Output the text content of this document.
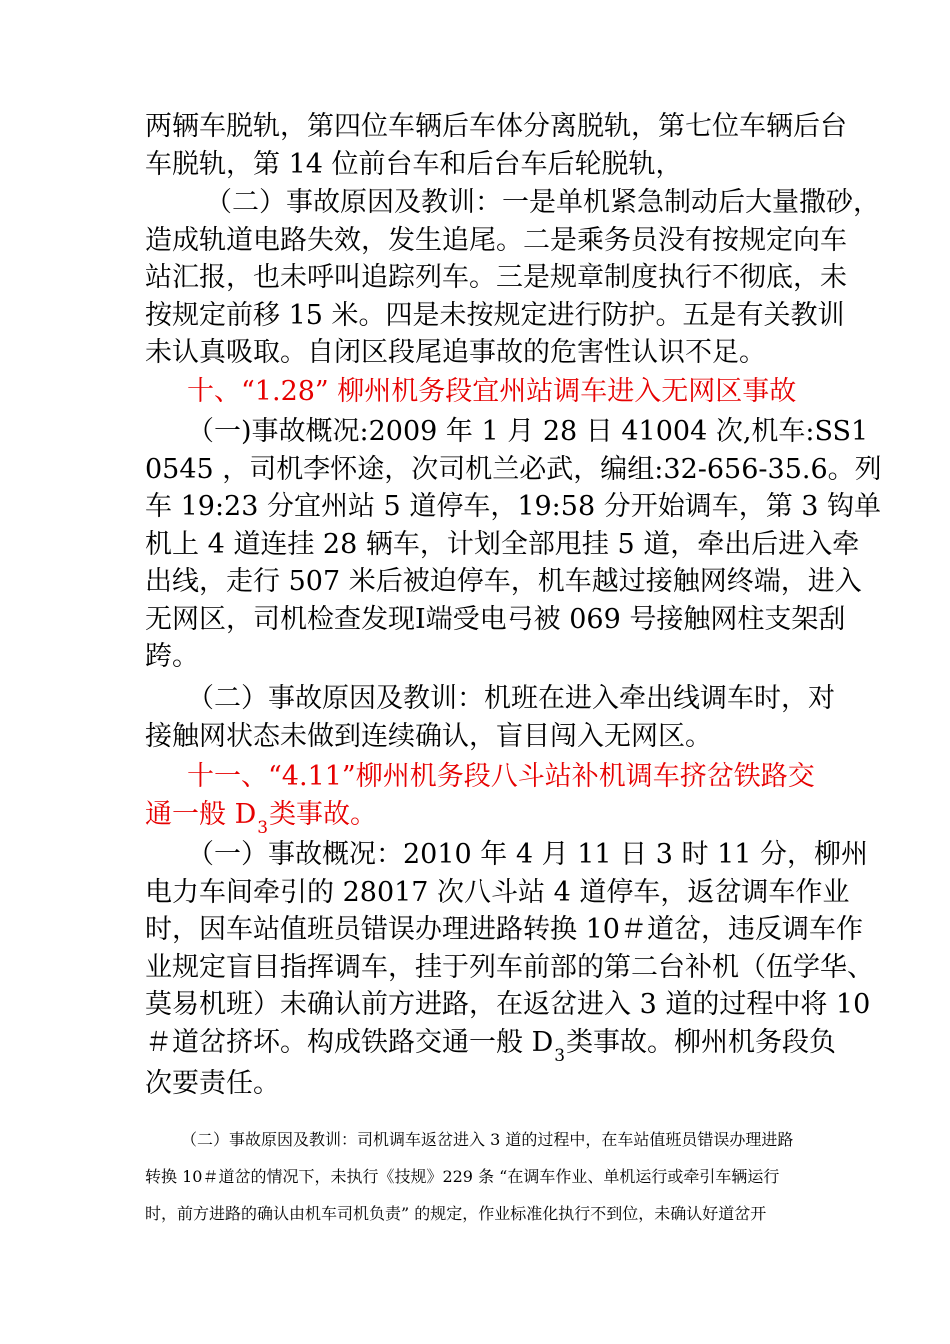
两辆车脱轨，第四位车辆后车体分离脱轨，第七位车辆后台
车脱轨，第 14 位前台车和后台车后轮脱轨，
（二）事故原因及教训：一是单机紧急制动后大量撒砂，
造成轨道电路失效，发生追尾。二是乘务员没有按规定向车
站汇报，也未呼叫追踪列车。三是规章制度执行不彻底，未
按规定前移 15 米。四是未按规定进行防护。五是有关教训
未认真吸取。自闭区段尾追事故的危害性认识不足。
十、“1.28” 柳州机务段宜州站调车进入无网区事故
（一)事故概况:2009 年 1 月 28 日 41004 次,机车:SS1
0545 ，司机李怀途，次司机兰必武，编组:32-656-35.6。列
车 19:23 分宜州站 5 道停车，19:58 分开始调车，第 3 钩单
机上 4 道连挂 28 辆车，计划全部甩挂 5 道，牵出后进入牵
出线，走行 507 米后被迫停车，机车越过接触网终端，进入
无网区，司机检查发现Ⅰ端受电弓被 069 号接触网柱支架刮
跨。
（二）事故原因及教训：机班在进入牵出线调车时，对
接触网状态未做到连续确认，盲目闯入无网区。
十一、“4.11”柳州机务段八斗站补机调车挤岔铁路交
通一般 $D_3$类事故。
（一）事故概况：2010 年 4 月 11 日 3 时 11 分，柳州
电力车间牵引的 28017 次八斗站 4 道停车，返岔调车作业
时，因车站值班员错误办理进路转换 10＃道岔，违反调车作
业规定盲目指挥调车，挂于列车前部的第二台补机（伍学华、
莫易机班）未确认前方进路，在返岔进入 3 道的过程中将 10
＃道岔挤坏。构成铁路交通一般 $D_3$类事故。柳州机务段负
次要责任。
（二）事故原因及教训：司机调车返岔进入 3 道的过程中，在车站值班员错误办理进路
转换 10＃道岔的情况下，未执行《技规》229 条 “在调车作业、单机运行或牵引车辆运行
时，前方进路的确认由机车司机负责” 的规定，作业标准化执行不到位，未确认好道岔开
